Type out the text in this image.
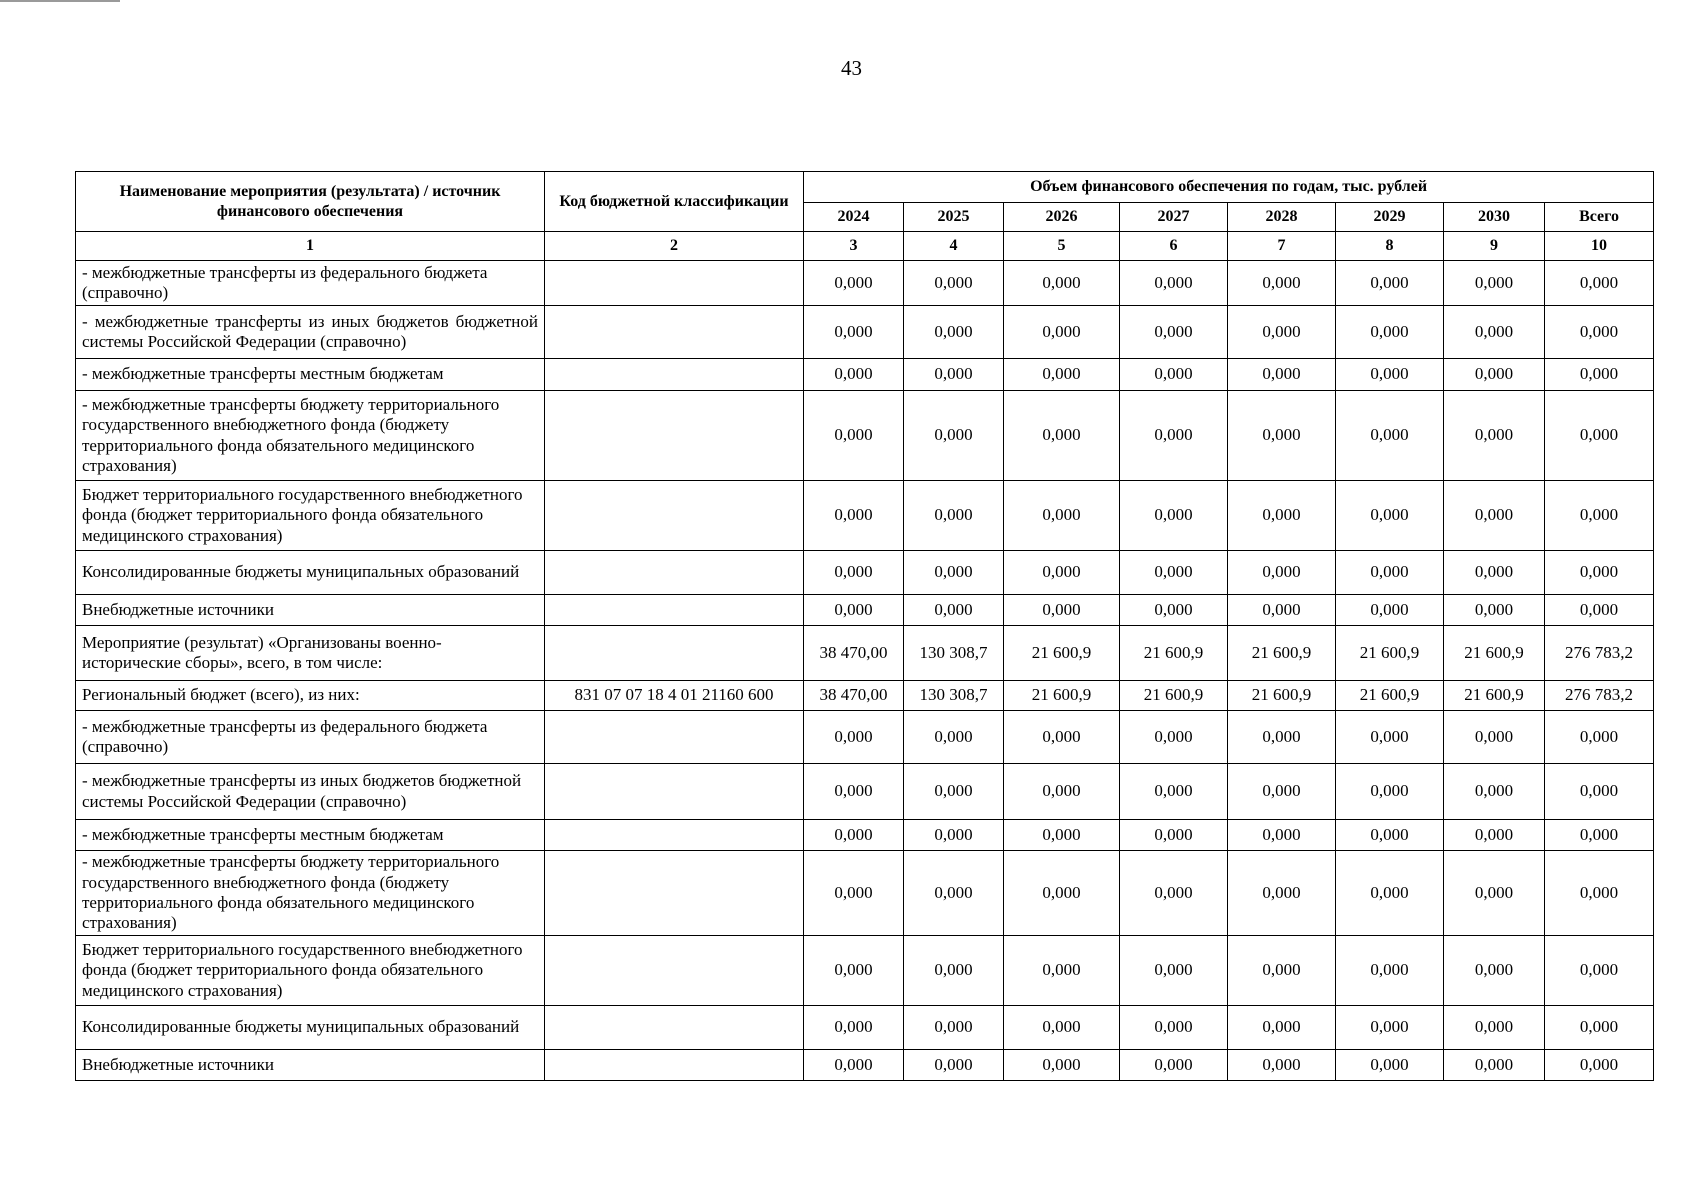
43
Наименование мероприятия (результата) / источник финансового обеспечения	Код бюджетной классификации	Объем финансового обеспечения по годам, тыс. рублей							
		2024	2025	2026	2027	2028	2029	2030	Всего
1	2	3	4	5	6	7	8	9	10
- межбюджетные трансферты из федерального бюджета (справочно)		0,000	0,000	0,000	0,000	0,000	0,000	0,000	0,000
- межбюджетные трансферты из иных бюджетов бюджетной системы Российской Федерации (справочно)		0,000	0,000	0,000	0,000	0,000	0,000	0,000	0,000
- межбюджетные трансферты местным бюджетам		0,000	0,000	0,000	0,000	0,000	0,000	0,000	0,000
- межбюджетные трансферты бюджету территориального государственного внебюджетного фонда (бюджету территориального фонда обязательного медицинского страхования)		0,000	0,000	0,000	0,000	0,000	0,000	0,000	0,000
Бюджет территориального государственного внебюджетного фонда (бюджет территориального фонда обязательного медицинского страхования)		0,000	0,000	0,000	0,000	0,000	0,000	0,000	0,000
Консолидированные бюджеты муниципальных образований		0,000	0,000	0,000	0,000	0,000	0,000	0,000	0,000
Внебюджетные источники		0,000	0,000	0,000	0,000	0,000	0,000	0,000	0,000
Мероприятие (результат) «Организованы военно-исторические сборы», всего, в том числе:		38 470,00	130 308,7	21 600,9	21 600,9	21 600,9	21 600,9	21 600,9	276 783,2
Региональный бюджет (всего), из них:	831 07 07 18 4 01 21160 600	38 470,00	130 308,7	21 600,9	21 600,9	21 600,9	21 600,9	21 600,9	276 783,2
- межбюджетные трансферты из федерального бюджета (справочно)		0,000	0,000	0,000	0,000	0,000	0,000	0,000	0,000
- межбюджетные трансферты из иных бюджетов бюджетной системы Российской Федерации (справочно)		0,000	0,000	0,000	0,000	0,000	0,000	0,000	0,000
- межбюджетные трансферты местным бюджетам		0,000	0,000	0,000	0,000	0,000	0,000	0,000	0,000
- межбюджетные трансферты бюджету территориального государственного внебюджетного фонда (бюджету территориального фонда обязательного медицинского страхования)		0,000	0,000	0,000	0,000	0,000	0,000	0,000	0,000
Бюджет территориального государственного внебюджетного фонда (бюджет территориального фонда обязательного медицинского страхования)		0,000	0,000	0,000	0,000	0,000	0,000	0,000	0,000
Консолидированные бюджеты муниципальных образований		0,000	0,000	0,000	0,000	0,000	0,000	0,000	0,000
Внебюджетные источники		0,000	0,000	0,000	0,000	0,000	0,000	0,000	0,000
